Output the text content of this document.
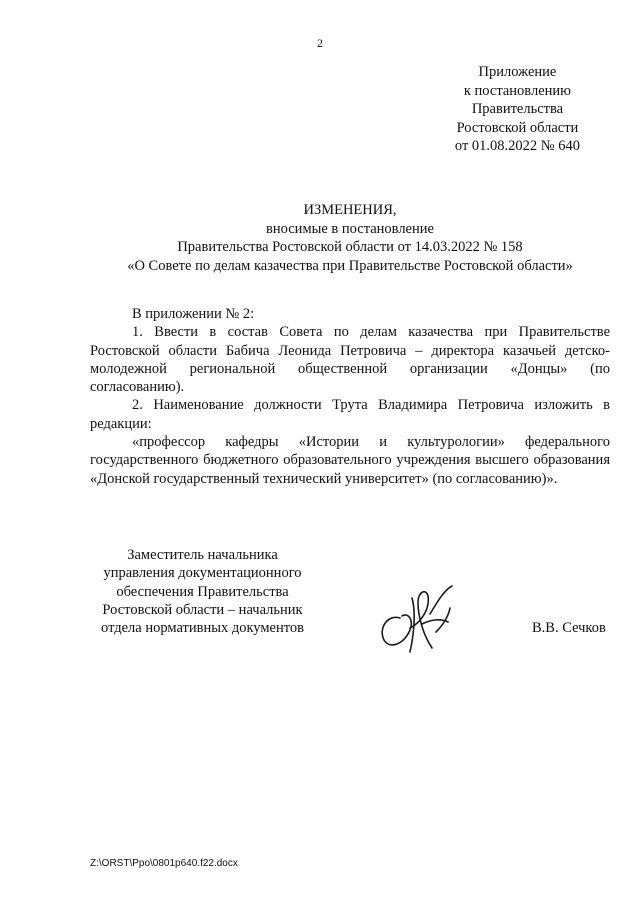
2
Приложение
к постановлению
Правительства
Ростовской области
от 01.08.2022 № 640
ИЗМЕНЕНИЯ,
вносимые в постановление
Правительства Ростовской области от 14.03.2022 № 158
«О Совете по делам казачества при Правительстве Ростовской области»

В приложении № 2:

1. Ввести в состав Совета по делам казачества при Правительстве Ростовской области Бабича Леонида Петровича – директора казачьей детско-молодежной региональной общественной организации «Донцы» (по согласованию).

2. Наименование должности Трута Владимира Петровича изложить в редакции:

«профессор кафедры «Истории и культурологии» федерального государственного бюджетного образовательного учреждения высшего образования «Донской государственный технический университет» (по согласованию)».

Заместитель начальника
управления документационного
обеспечения Правительства
Ростовской области – начальник
отдела нормативных документов	В.В. Сечков
Z:\ORST\Ppo\0801p640.f22.docx
